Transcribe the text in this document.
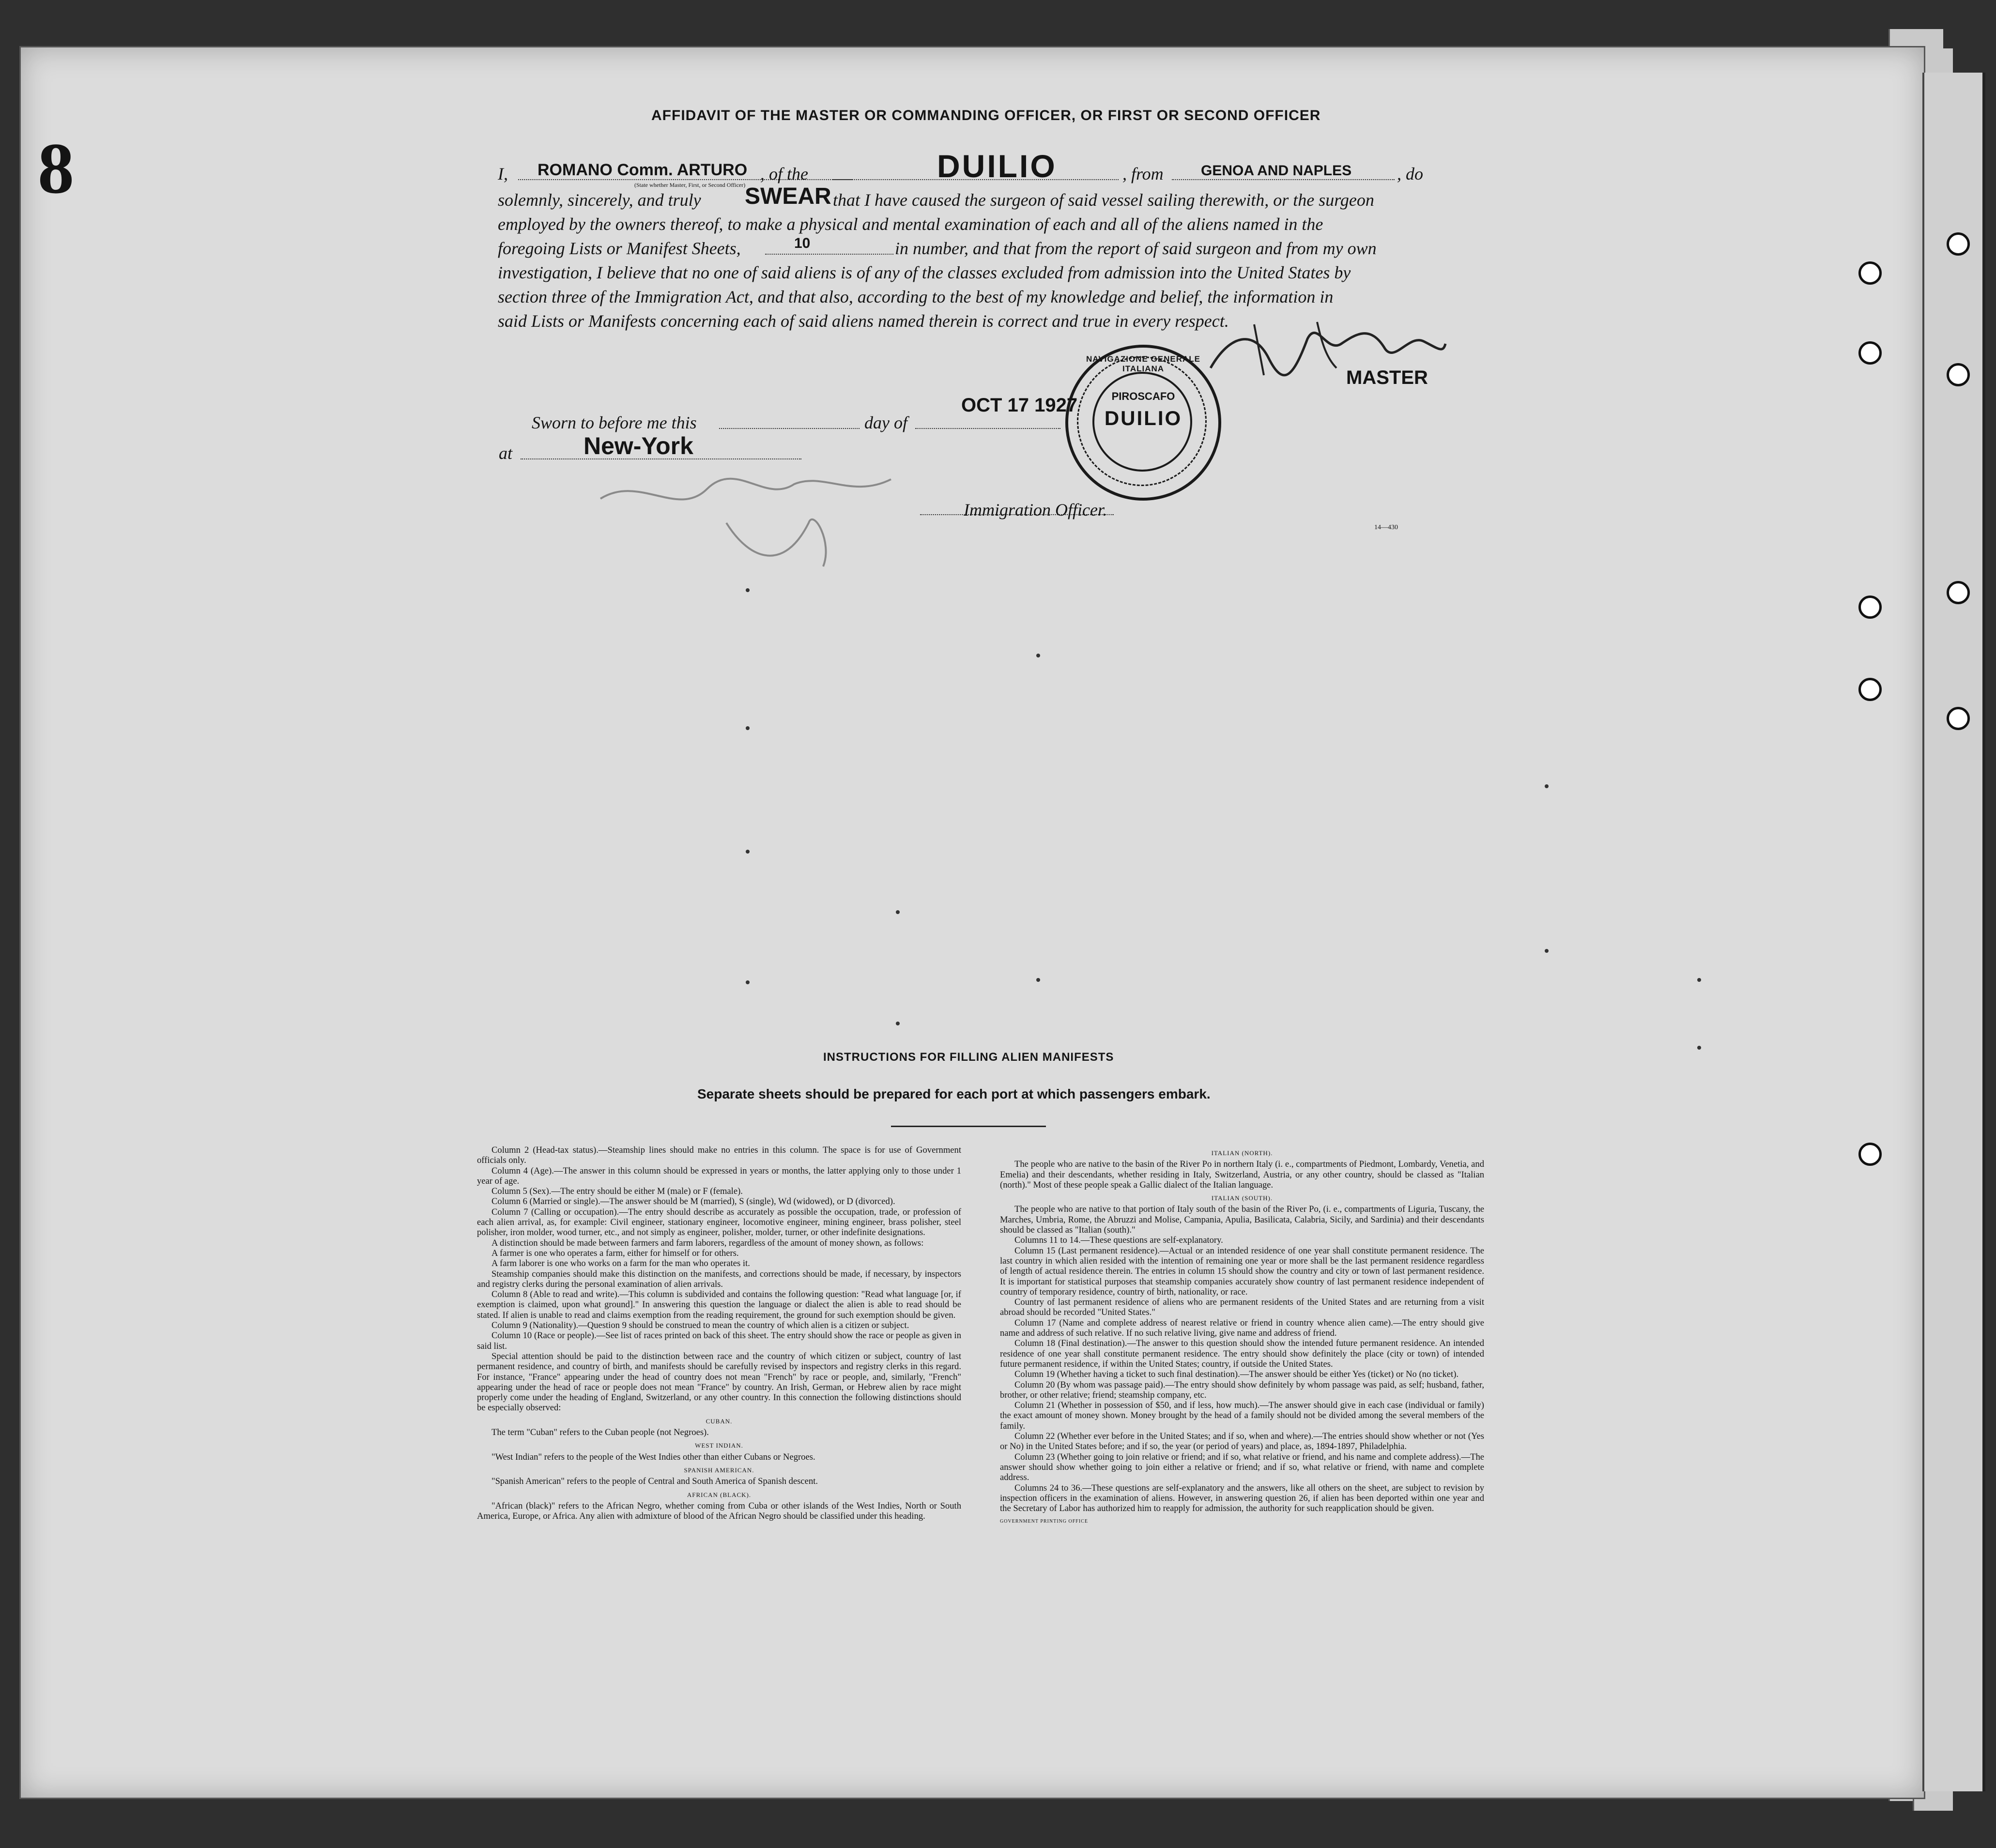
8
AFFIDAVIT OF THE MASTER OR COMMANDING OFFICER, OR FIRST OR SECOND OFFICER
I, ROMANO Comm. ARTURO , of the	DUILIO	, from	GENOA AND NAPLES	, do
(State whether Master, First, or Second Officer)
solemnly, sincerely, and truly SWEAR that I have caused the surgeon of said vessel sailing therewith, or the surgeon
employed by the owners thereof, to make a physical and mental examination of each and all of the aliens named in the
foregoing Lists or Manifest Sheets,	10	in number, and that from the report of said surgeon and from my own
investigation, I believe that no one of said aliens is of any of the classes excluded from admission into the United States by
section three of the Immigration Act, and that also, according to the best of my knowledge and belief, the information in
said Lists or Manifests concerning each of said aliens named therein is correct and true in every respect.
MASTER
NAVIGAZIONE GENERALE ITALIANA
PIROSCAFO
DUILIO
Sworn to before me this	day of
OCT 17 1927
at	New-York
Immigration Officer.
14—430
INSTRUCTIONS FOR FILLING ALIEN MANIFESTS
Separate sheets should be prepared for each port at which passengers embark.

Column 2 (Head-tax status).—Steamship lines should make no entries in this column. The space is for use of Government officials only.

Column 4 (Age).—The answer in this column should be expressed in years or months, the latter applying only to those under 1 year of age.

Column 5 (Sex).—The entry should be either M (male) or F (female).

Column 6 (Married or single).—The answer should be M (married), S (single), Wd (widowed), or D (divorced).

Column 7 (Calling or occupation).—The entry should describe as accurately as possible the occupation, trade, or profession of each alien arrival, as, for example: Civil engineer, stationary engineer, locomotive engineer, mining engineer, brass polisher, steel polisher, iron molder, wood turner, etc., and not simply as engineer, polisher, molder, turner, or other indefinite designations.

A distinction should be made between farmers and farm laborers, regardless of the amount of money shown, as follows:

A farmer is one who operates a farm, either for himself or for others.

A farm laborer is one who works on a farm for the man who operates it.

Steamship companies should make this distinction on the manifests, and corrections should be made, if necessary, by inspectors and registry clerks during the personal examination of alien arrivals.

Column 8 (Able to read and write).—This column is subdivided and contains the following question: "Read what language [or, if exemption is claimed, upon what ground]." In answering this question the language or dialect the alien is able to read should be stated. If alien is unable to read and claims exemption from the reading requirement, the ground for such exemption should be given.

Column 9 (Nationality).—Question 9 should be construed to mean the country of which alien is a citizen or subject.

Column 10 (Race or people).—See list of races printed on back of this sheet. The entry should show the race or people as given in said list.

Special attention should be paid to the distinction between race and the country of which citizen or subject, country of last permanent residence, and country of birth, and manifests should be carefully revised by inspectors and registry clerks in this regard. For instance, "France" appearing under the head of country does not mean "French" by race or people, and, similarly, "French" appearing under the head of race or people does not mean "France" by country. An Irish, German, or Hebrew alien by race might properly come under the heading of England, Switzerland, or any other country. In this connection the following distinctions should be especially observed:

CUBAN.

The term "Cuban" refers to the Cuban people (not Negroes).

WEST INDIAN.

"West Indian" refers to the people of the West Indies other than either Cubans or Negroes.

SPANISH AMERICAN.

"Spanish American" refers to the people of Central and South America of Spanish descent.

AFRICAN (BLACK).

"African (black)" refers to the African Negro, whether coming from Cuba or other islands of the West Indies, North or South America, Europe, or Africa. Any alien with admixture of blood of the African Negro should be classified under this heading.

ITALIAN (NORTH).

The people who are native to the basin of the River Po in northern Italy (i. e., compartments of Piedmont, Lombardy, Venetia, and Emelia) and their descendants, whether residing in Italy, Switzerland, Austria, or any other country, should be classed as "Italian (north)." Most of these people speak a Gallic dialect of the Italian language.

ITALIAN (SOUTH).

The people who are native to that portion of Italy south of the basin of the River Po, (i. e., compartments of Liguria, Tuscany, the Marches, Umbria, Rome, the Abruzzi and Molise, Campania, Apulia, Basilicata, Calabria, Sicily, and Sardinia) and their descendants should be classed as "Italian (south)."

Columns 11 to 14.—These questions are self-explanatory.

Column 15 (Last permanent residence).—Actual or an intended residence of one year shall constitute permanent residence. The last country in which alien resided with the intention of remaining one year or more shall be the last permanent residence regardless of length of actual residence therein. The entries in column 15 should show the country and city or town of last permanent residence. It is important for statistical purposes that steamship companies accurately show country of last permanent residence independent of country of temporary residence, country of birth, nationality, or race.

Country of last permanent residence of aliens who are permanent residents of the United States and are returning from a visit abroad should be recorded "United States."

Column 17 (Name and complete address of nearest relative or friend in country whence alien came).—The entry should give name and address of such relative. If no such relative living, give name and address of friend.

Column 18 (Final destination).—The answer to this question should show the intended future permanent residence. An intended residence of one year shall constitute permanent residence. The entry should show definitely the place (city or town) of intended future permanent residence, if within the United States; country, if outside the United States.

Column 19 (Whether having a ticket to such final destination).—The answer should be either Yes (ticket) or No (no ticket).

Column 20 (By whom was passage paid).—The entry should show definitely by whom passage was paid, as self; husband, father, brother, or other relative; friend; steamship company, etc.

Column 21 (Whether in possession of $50, and if less, how much).—The answer should give in each case (individual or family) the exact amount of money shown. Money brought by the head of a family should not be divided among the several members of the family.

Column 22 (Whether ever before in the United States; and if so, when and where).—The entries should show whether or not (Yes or No) in the United States before; and if so, the year (or period of years) and place, as, 1894-1897, Philadelphia.

Column 23 (Whether going to join relative or friend; and if so, what relative or friend, and his name and complete address).—The answer should show whether going to join either a relative or friend; and if so, what relative or friend, with name and complete address.

Columns 24 to 36.—These questions are self-explanatory and the answers, like all others on the sheet, are subject to revision by inspection officers in the examination of aliens. However, in answering question 26, if alien has been deported within one year and the Secretary of Labor has authorized him to reapply for admission, the authority for such reapplication should be given.

GOVERNMENT PRINTING OFFICE
